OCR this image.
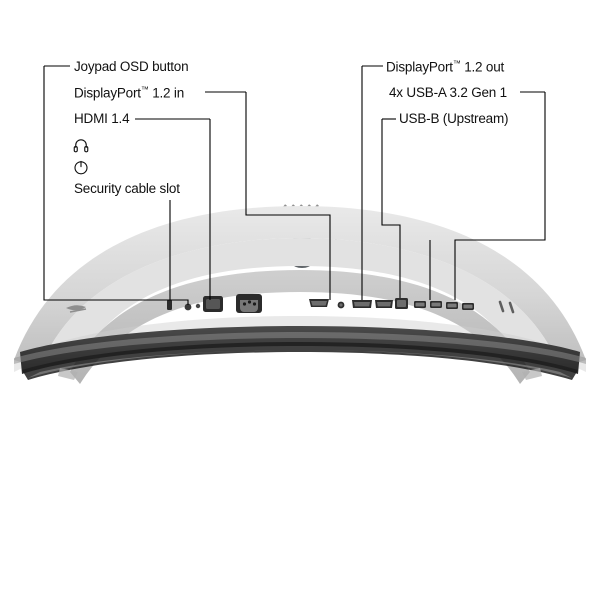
Joypad OSD button
DisplayPort™ 1.2 in
HDMI 1.4
Security cable slot
DisplayPort™ 1.2 out
4x USB-A 3.2 Gen 1
USB-B (Upstream)
